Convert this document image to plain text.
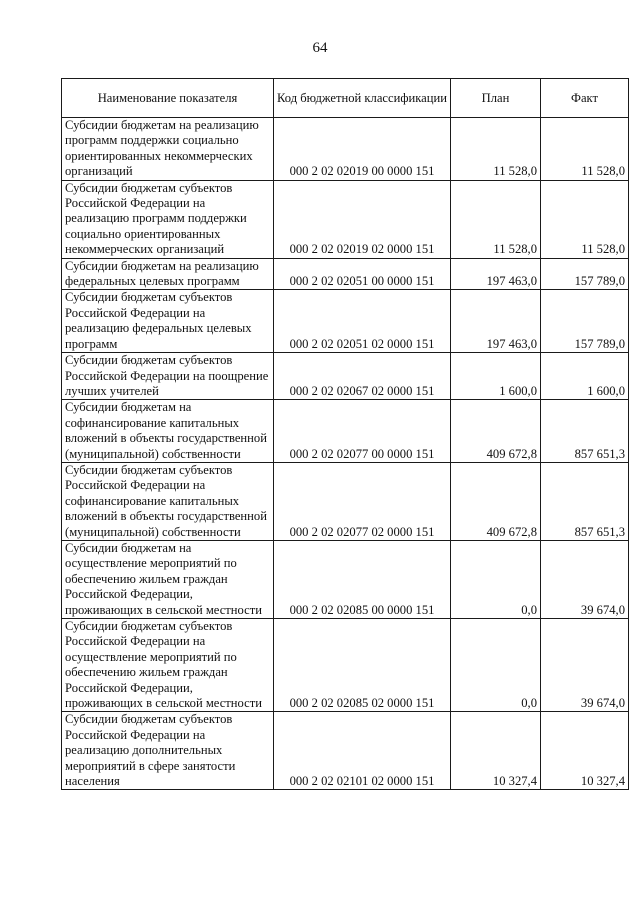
64
Наименование показателя	Код бюджетной классификации	План	Факт
Субсидии бюджетам на реализацию программ поддержки социально ориентированных некоммерческих организаций	000 2 02 02019 00 0000 151	11 528,0	11 528,0
Субсидии бюджетам субъектов Российской Федерации на реализацию программ поддержки социально ориентированных некоммерческих организаций	000 2 02 02019 02 0000 151	11 528,0	11 528,0
Субсидии бюджетам на реализацию федеральных целевых программ	000 2 02 02051 00 0000 151	197 463,0	157 789,0
Субсидии бюджетам субъектов Российской Федерации на реализацию федеральных целевых программ	000 2 02 02051 02 0000 151	197 463,0	157 789,0
Субсидии бюджетам субъектов Российской Федерации на поощрение лучших учителей	000 2 02 02067 02 0000 151	1 600,0	1 600,0
Субсидии бюджетам на софинансирование капитальных вложений в объекты государственной (муниципальной) собственности	000 2 02 02077 00 0000 151	409 672,8	857 651,3
Субсидии бюджетам субъектов Российской Федерации на софинансирование капитальных вложений в объекты государственной (муниципальной) собственности	000 2 02 02077 02 0000 151	409 672,8	857 651,3
Субсидии бюджетам на осуществление мероприятий по обеспечению жильем граждан Российской Федерации, проживающих в сельской местности	000 2 02 02085 00 0000 151	0,0	39 674,0
Субсидии бюджетам субъектов Российской Федерации на осуществление мероприятий по обеспечению жильем граждан Российской Федерации, проживающих в сельской местности	000 2 02 02085 02 0000 151	0,0	39 674,0
Субсидии бюджетам субъектов Российской Федерации на реализацию дополнительных мероприятий в сфере занятости населения	000 2 02 02101 02 0000 151	10 327,4	10 327,4
